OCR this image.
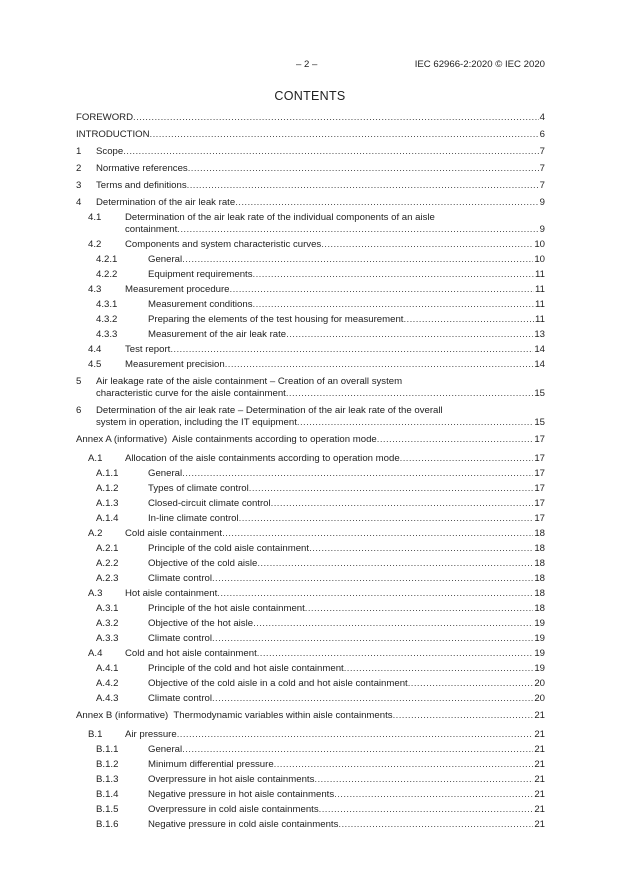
– 2 –	IEC 62966-2:2020 © IEC 2020
CONTENTS
FOREWORD .....	4
INTRODUCTION .....	6
1 Scope .....	7
2 Normative references .....	7
3 Terms and definitions .....	7
4 Determination of the air leak rate .....	9
4.1 Determination of the air leak rate of the individual components of an aisle
containment .....	9
4.2 Components and system characteristic curves .....	10
4.2.1	General .....	10
4.2.2	Equipment requirements .....	11
4.3 Measurement procedure .....	11
4.3.1	Measurement conditions .....	11
4.3.2	Preparing the elements of the test housing for measurement .....	11
4.3.3	Measurement of the air leak rate .....	13
4.4 Test report .....	14
4.5 Measurement precision .....	14
5 Air leakage rate of the aisle containment – Creation of an overall system
characteristic curve for the aisle containment .....	15
6 Determination of the air leak rate – Determination of the air leak rate of the overall
system in operation, including the IT equipment .....	15
Annex A (informative)  Aisle containments according to operation mode .....	17
A.1 Allocation of the aisle containments according to operation mode .....	17
A.1.1	General .....	17
A.1.2	Types of climate control .....	17
A.1.3	Closed-circuit climate control .....	17
A.1.4	In-line climate control .....	17
A.2 Cold aisle containment .....	18
A.2.1	Principle of the cold aisle containment .....	18
A.2.2	Objective of the cold aisle .....	18
A.2.3	Climate control .....	18
A.3 Hot aisle containment .....	18
A.3.1	Principle of the hot aisle containment .....	18
A.3.2	Objective of the hot aisle .....	19
A.3.3	Climate control .....	19
A.4 Cold and hot aisle containment .....	19
A.4.1	Principle of the cold and hot aisle containment .....	19
A.4.2	Objective of the cold aisle in a cold and hot aisle containment .....	20
A.4.3	Climate control .....	20
Annex B (informative)  Thermodynamic variables within aisle containments .....	21
B.1 Air pressure .....	21
B.1.1	General .....	21
B.1.2	Minimum differential pressure .....	21
B.1.3	Overpressure in hot aisle containments .....	21
B.1.4	Negative pressure in hot aisle containments .....	21
B.1.5	Overpressure in cold aisle containments .....	21
B.1.6	Negative pressure in cold aisle containments .....	21
